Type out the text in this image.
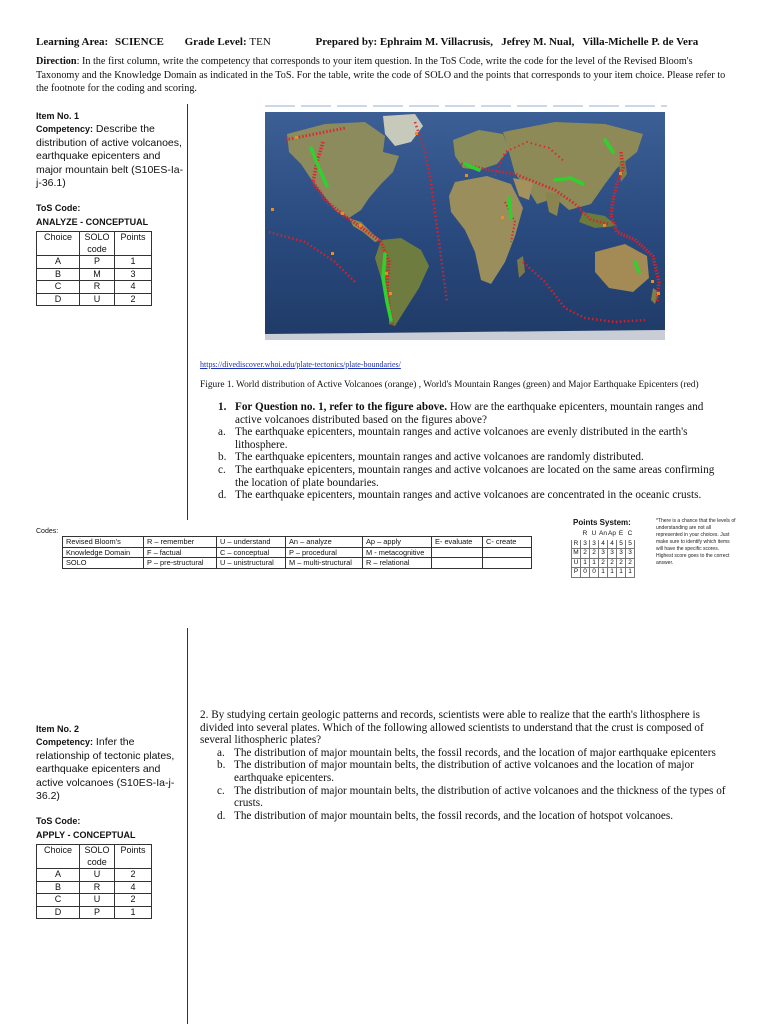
Learning Area: SCIENCE Grade Level: TEN	Prepared by: Ephraim M. Villacrusis,   Jefrey M. Nual,   Villa-Michelle P. de Vera
Direction: In the first column, write the competency that corresponds to your item question. In the ToS Code, write the code for the level of the Revised Bloom's Taxonomy and the Knowledge Domain as indicated in the ToS. For the table, write the code of SOLO and the points that corresponds to your item choice. Please refer to the footnote for the coding and scoring.
Item No. 1
Competency: Describe the distribution of active volcanoes, earthquake epicenters and major mountain belt (S10ES-Ia-j-36.1)
ToS Code:
ANALYZE - CONCEPTUAL
Choice	SOLO code	Points
A	P	1
B	M	3
C	R	4
D	U	2
https://divediscover.whoi.edu/plate-tectonics/plate-boundaries/
Figure 1. World distribution of Active Volcanoes (orange) , World's Mountain Ranges (green) and Major Earthquake Epicenters (red)
1. For Question no. 1, refer to the figure above. How are the earthquake epicenters, mountain ranges and active volcanoes distributed based on the figures above?
a. The earthquake epicenters, mountain ranges and active volcanoes are evenly distributed in the earth's lithosphere.
b. The earthquake epicenters, mountain ranges and active volcanoes are randomly distributed.
c. The earthquake epicenters, mountain ranges and active volcanoes are located on the same areas confirming the location of plate boundaries.
d. The earthquake epicenters, mountain ranges and active volcanoes are concentrated in the oceanic crusts.
Codes:
Revised Bloom's	R – remember	U – understand	An – analyze	Ap – apply	E- evaluate	C- create
Knowledge Domain	F – factual	C – conceptual	P – procedural	M - metacognitive		
SOLO	P – pre-structural	U – unistructural	M – multi-structural	R – relational		
Points System:
	R	U	An	Ap	E	C
R	3	3	4	4	5	5
M	2	2	3	3	3	3
U	1	1	2	2	2	2
P	0	0	1	1	1	1
*There is a chance that the levels of understanding are not all represented in your choices. Just make sure to identify which items will have the specific scores. Highest score goes to the correct answer.
Item No. 2
Competency: Infer the relationship of tectonic plates, earthquake epicenters and active volcanoes (S10ES-Ia-j-36.2)
ToS Code:
APPLY - CONCEPTUAL
Choice	SOLO code	Points
A	U	2
B	R	4
C	U	2
D	P	1
2. By studying certain geologic patterns and records, scientists were able to realize that the earth's lithosphere is divided into several plates. Which of the following allowed scientists to understand that the crust is composed of several lithospheric plates?
a. The distribution of major mountain belts, the fossil records, and the location of major earthquake epicenters
b. The distribution of major mountain belts, the distribution of active volcanoes and the location of major earthquake epicenters.
c. The distribution of major mountain belts, the distribution of active volcanoes and the thickness of the types of crusts.
d. The distribution of major mountain belts, the fossil records, and the location of hotspot volcanoes.
